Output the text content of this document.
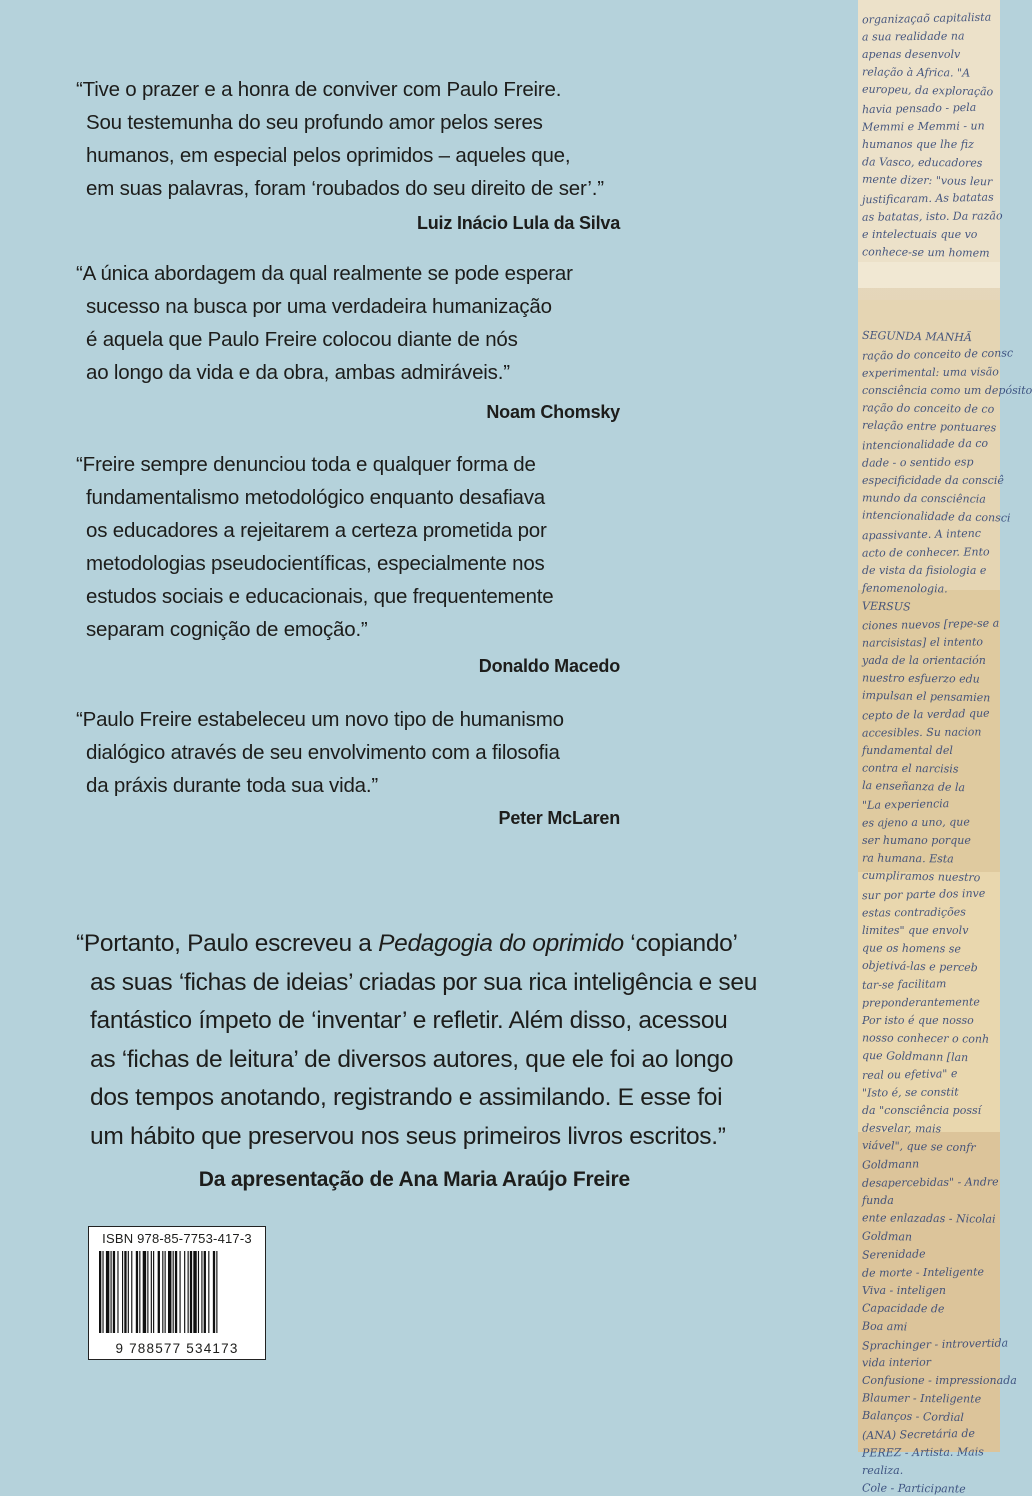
“Tive o prazer e a honra de conviver com Paulo Freire.
Sou testemunha do seu profundo amor pelos seres
humanos, em especial pelos oprimidos – aqueles que,
em suas palavras, foram ‘roubados do seu direito de ser’.”
Luiz Inácio Lula da Silva
“A única abordagem da qual realmente se pode esperar
sucesso na busca por uma verdadeira humanização
é aquela que Paulo Freire colocou diante de nós
ao longo da vida e da obra, ambas admiráveis.”
Noam Chomsky
“Freire sempre denunciou toda e qualquer forma de
fundamentalismo metodológico enquanto desafiava
os educadores a rejeitarem a certeza prometida por
metodologias pseudocientíficas, especialmente nos
estudos sociais e educacionais, que frequentemente
separam cognição de emoção.”
Donaldo Macedo
“Paulo Freire estabeleceu um novo tipo de humanismo
dialógico através de seu envolvimento com a filosofia
da práxis durante toda sua vida.”
Peter McLaren
“Portanto, Paulo escreveu a Pedagogia do oprimido ‘copiando’
as suas ‘fichas de ideias’ criadas por sua rica inteligência e seu
fantástico ímpeto de ‘inventar’ e refletir. Além disso, acessou
as ‘fichas de leitura’ de diversos autores, que ele foi ao longo
dos tempos anotando, registrando e assimilando. E esse foi
um hábito que preservou nos seus primeiros livros escritos.”
Da apresentação de Ana Maria Araújo Freire
ISBN 978-85-7753-417-3
9 788577 534173
organizaçaõ capitalista
a sua realidade na
apenas desenvolv
relação à Africa. "A
europeu, da exploração
havia pensado - pela
Memmi e Memmi - un
humanos que lhe fiz
da Vasco, educadores
mente dizer: "vous leur
justificaram. As batatas
as batatas, isto. Da razão
e intelectuais que vo
conhece-se um homem
SEGUNDA MANHÃ
ração do conceito de consc
experimental: uma visão
consciência como um depósito
ração do conceito de co
relação entre pontuares
intencionalidade da co
dade - o sentido esp
especificidade da consciê
mundo da consciência
intencionalidade da consci
apassivante. A intenc
acto de conhecer. Ento
de vista da fisiologia e
fenomenologia.
VERSUS
ciones nuevos [repe-se a
narcisistas] el intento
yada de la orientación
nuestro esfuerzo edu
impulsan el pensamien
cepto de la verdad que
accesibles. Su nacion
fundamental del
contra el narcisis
la enseñanza de la
"La experiencia
es ajeno a uno, que
ser humano porque
ra humana. Esta
cumpliramos nuestro
sur por parte dos inve
estas contradições
limites" que envolv
que os homens se
objetivá-las e perceb
tar-se facilitam
preponderantemente
Por isto é que nosso
nosso conhecer o conh
que Goldmann [lan
real ou efetiva" e
"Isto é, se constit
da "consciência possí
desvelar, mais
viável", que se confr
Goldmann
desapercebidas" - Andre
funda
ente enlazadas - Nicolai
Goldman
Serenidade
de morte - Inteligente
Viva - inteligen
Capacidade de
Boa ami
Sprachinger - introvertida
vida interior
Confusione - impressionada
Blaumer - Inteligente
Balanços - Cordial
(ANA) Secretária de
PEREZ - Artista. Mais
realiza.
Cole - Participante
